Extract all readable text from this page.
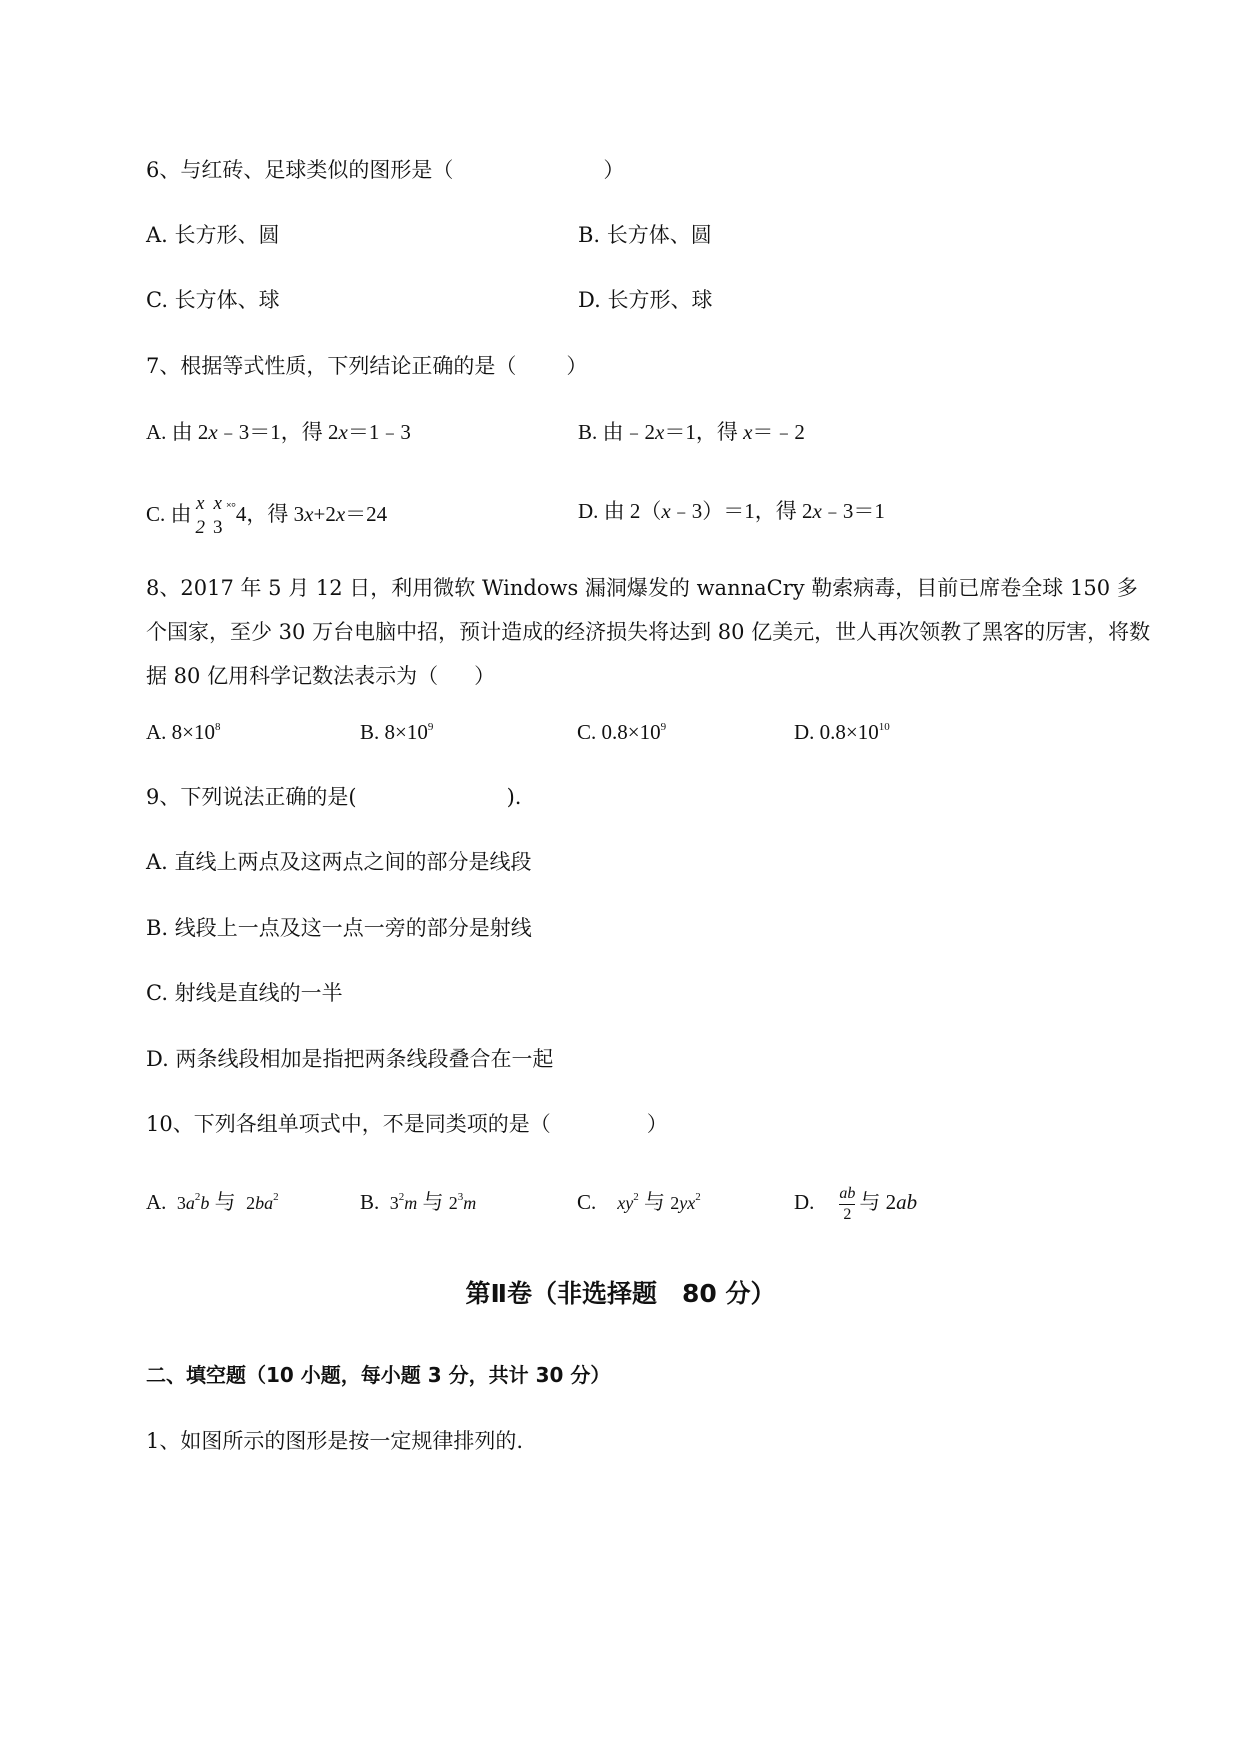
6、与红砖、足球类似的图形是（	）
A. 长方形、圆	B. 长方体、圆
C. 长方体、球	D. 长方形、球
7、根据等式性质，下列结论正确的是（ ）
A. 由 2x﹣3＝1，得 2x＝1﹣3	B. 由﹣2x＝1，得 x＝﹣2
C. 由 x
2
x
3
˟°4，得 3x+2x＝24	D. 由 2（x﹣3）＝1，得 2x﹣3＝1
8、2017 年 5 月 12 日，利用微软 Windows 漏洞爆发的 wannaCry 勒索病毒，目前已席卷全球 150 多个国家，至少 30 万台电脑中招，预计造成的经济损失将达到 80 亿美元，世人再次领教了黑客的厉害，将数据 80 亿用科学记数法表示为（ ）
A. $8\times 10^8$	B. $8\times 10^9$	C. $0.8\times 10^9$	D. $0.8\times 10^{10}$
9、下列说法正确的是(	).
A. 直线上两点及这两点之间的部分是线段
B. 线段上一点及这一点一旁的部分是射线
C. 射线是直线的一半
D. 两条线段相加是指把两条线段叠合在一起
10、下列各组单项式中，不是同类项的是（	）
A. $3a^2b$ 与 $2ba^2$	B. $3^2m$ 与 $2^3m$	C. $xy^2$ 与 $2yx^2$	D. $\frac{ab}{2}$ 与 2ab
第Ⅱ卷（非选择题　80 分）
二、填空题（10 小题，每小题 3 分，共计 30 分）
1、如图所示的图形是按一定规律排列的.
